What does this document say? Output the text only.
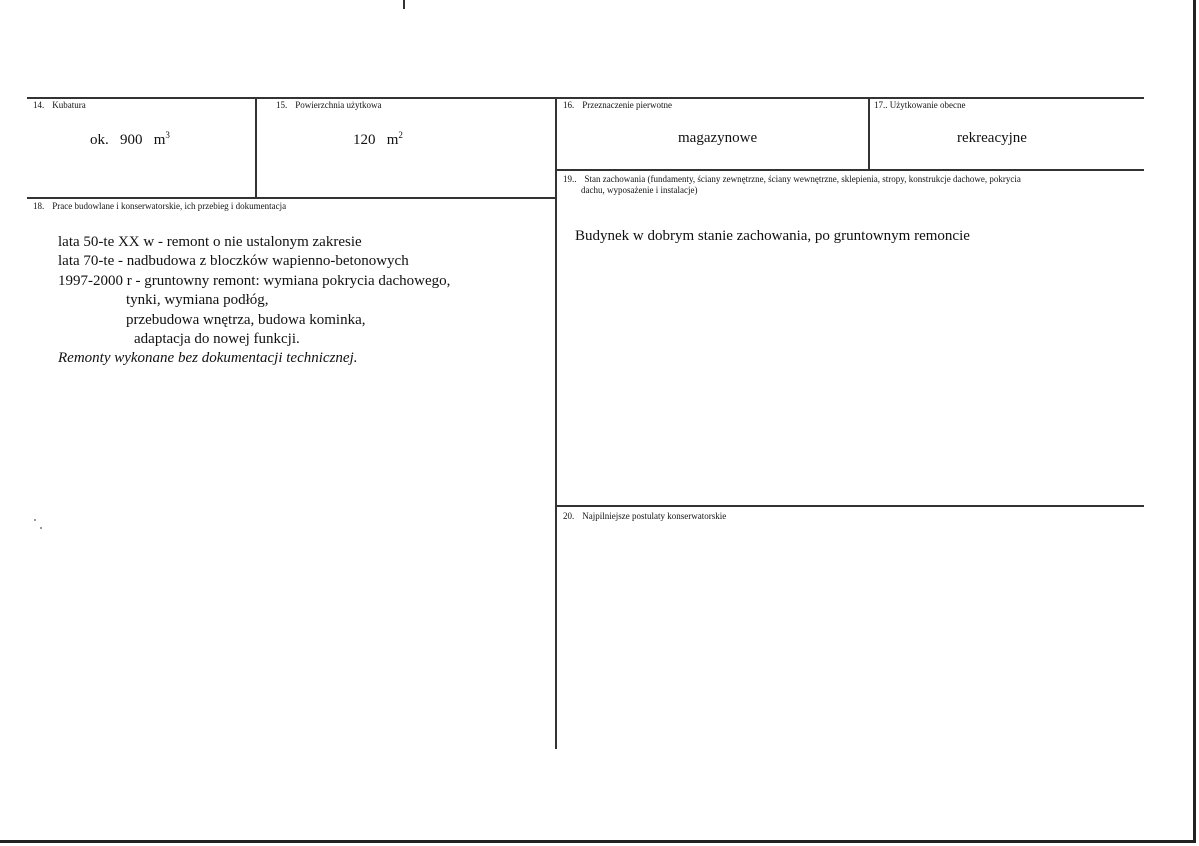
14. Kubatura
ok. 900 $m^3$
15. Powierzchnia użytkowa
120 $m^2$
16. Przeznaczenie pierwotne
magazynowe
17.. Użytkowanie obecne
rekreacyjne
18. Prace budowlane i konserwatorskie, ich przebieg i dokumentacja
lata 50-te XX w - remont o nie ustalonym zakresie
lata 70-te - nadbudowa z bloczków wapienno-betonowych
1997-2000 r - gruntowny remont: wymiana pokrycia dachowego,
tynki, wymiana podłóg,
przebudowa wnętrza, budowa kominka,
adaptacja do nowej funkcji.
Remonty wykonane bez dokumentacji technicznej.
19.. Stan zachowania (fundamenty, ściany zewnętrzne, ściany wewnętrzne, sklepienia, stropy, konstrukcje dachowe, pokrycia
dachu, wyposażenie i instalacje)
Budynek w dobrym stanie zachowania, po gruntownym remoncie
20. Najpilniejsze postulaty konserwatorskie
